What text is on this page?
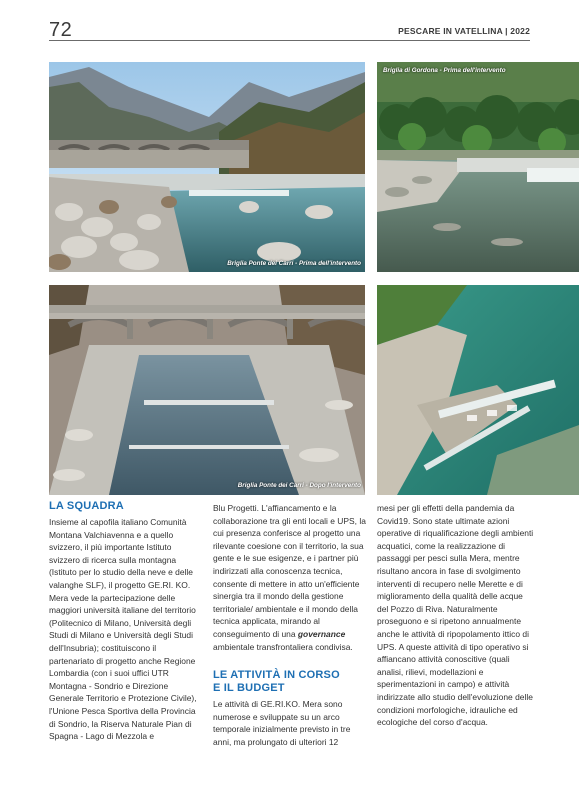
72	PESCARE IN VATELLINA | 2022
Briglia Ponte dei Carri - Prima dell'intervento
Briglia di Gordona - Prima dell'intervento
Briglia Ponte dei Carri - Dopo l'intervento
LA SQUADRA

Insieme al capofila italiano Comunità Montana Valchiavenna e a quello svizzero, il più importante Istituto svizzero di ricerca sulla montagna (Istituto per lo studio della neve e delle valanghe SLF), il progetto GE.RI. KO. Mera vede la partecipazione delle maggiori università italiane del territorio (Politecnico di Milano, Università degli Studi di Milano e Università degli Studi dell'Insubria); costituiscono il partenariato di progetto anche Regione Lombardia (con i suoi uffici UTR Montagna - Sondrio e Direzione Generale Territorio e Protezione Civile), l'Unione Pesca Sportiva della Provincia di Sondrio, la Riserva Naturale Pian di Spagna - Lago di Mezzola e

Blu Progetti. L'affiancamento e la collaborazione tra gli enti locali e UPS, la cui presenza conferisce al progetto una rilevante coesione con il territorio, la sua gente e le sue esigenze, e i partner più indirizzati alla conoscenza tecnica, consente di mettere in atto un'efficiente sinergia tra il mondo della gestione territoriale/ ambientale e il mondo della tecnica applicata, mirando al conseguimento di una governance ambientale transfrontaliera condivisa.

LE ATTIVITÀ IN CORSO
E IL BUDGET

Le attività di GE.RI.KO. Mera sono numerose e sviluppate su un arco temporale inizialmente previsto in tre anni, ma prolungato di ulteriori 12

mesi per gli effetti della pandemia da Covid19. Sono state ultimate azioni operative di riqualificazione degli ambienti acquatici, come la realizzazione di passaggi per pesci sulla Mera, mentre risultano ancora in fase di svolgimento interventi di recupero nelle Merette e di miglioramento della qualità delle acque del Pozzo di Riva. Naturalmente proseguono e si ripetono annualmente anche le attività di ripopolamento ittico di UPS. A queste attività di tipo operativo si affiancano attività conoscitive (quali analisi, rilievi, modellazioni e sperimentazioni in campo) e attività indirizzate allo studio dell'evoluzione delle condizioni morfologiche, idrauliche ed ecologiche del corso d'acqua.
